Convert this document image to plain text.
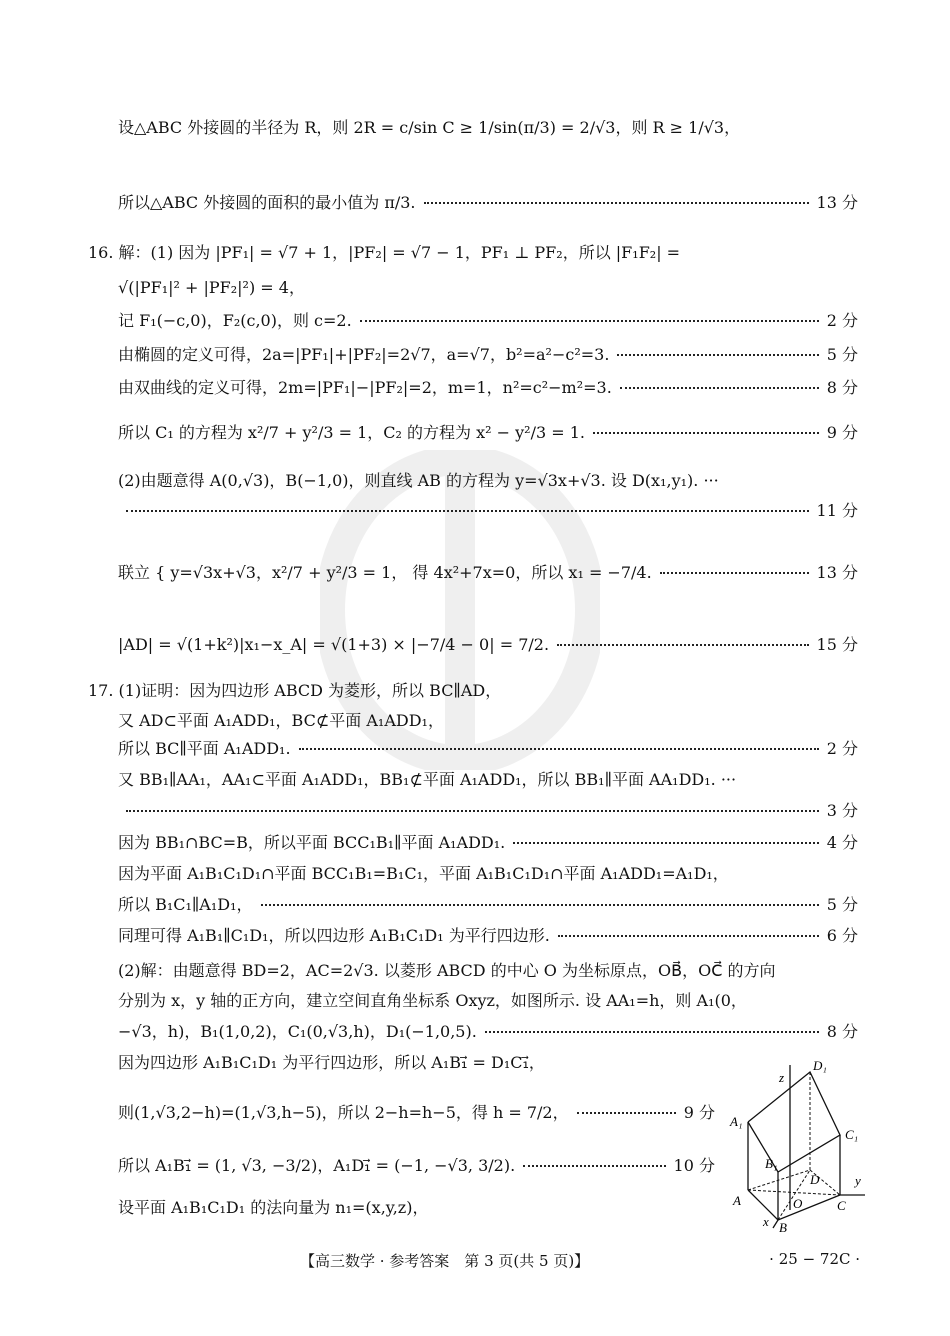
设△ABC 外接圆的半径为 R，则 2R = c/sin C ≥ 1/sin(π/3) = 2/√3，则 R ≥ 1/√3，
所以△ABC 外接圆的面积的最小值为 π/3.	13 分
16. 解：(1) 因为 |PF₁| = √7 + 1，|PF₂| = √7 − 1，PF₁ ⊥ PF₂，所以 |F₁F₂| =
√(|PF₁|² + |PF₂|²) = 4，
记 F₁(−c,0)，F₂(c,0)，则 c=2.	2 分
由椭圆的定义可得，2a=|PF₁|+|PF₂|=2√7，a=√7，b²=a²−c²=3.	5 分
由双曲线的定义可得，2m=|PF₁|−|PF₂|=2，m=1，n²=c²−m²=3.	8 分
所以 C₁ 的方程为 x²/7 + y²/3 = 1，C₂ 的方程为 x² − y²/3 = 1.	9 分
(2)由题意得 A(0,√3)，B(−1,0)，则直线 AB 的方程为 y=√3x+√3. 设 D(x₁,y₁). ···
11 分
联立 { y=√3x+√3，x²/7 + y²/3 = 1， 得 4x²+7x=0，所以 x₁ = −7/4.	13 分
|AD| = √(1+k²)|x₁−x_A| = √(1+3) × |−7/4 − 0| = 7/2.	15 分
17. (1)证明：因为四边形 ABCD 为菱形，所以 BC∥AD，
又 AD⊂平面 A₁ADD₁，BC⊄平面 A₁ADD₁，
所以 BC∥平面 A₁ADD₁.	2 分
又 BB₁∥AA₁，AA₁⊂平面 A₁ADD₁，BB₁⊄平面 A₁ADD₁，所以 BB₁∥平面 AA₁DD₁. ···
3 分
因为 BB₁∩BC=B，所以平面 BCC₁B₁∥平面 A₁ADD₁.	4 分
因为平面 A₁B₁C₁D₁∩平面 BCC₁B₁=B₁C₁，平面 A₁B₁C₁D₁∩平面 A₁ADD₁=A₁D₁，
所以 B₁C₁∥A₁D₁，	5 分
同理可得 A₁B₁∥C₁D₁，所以四边形 A₁B₁C₁D₁ 为平行四边形.	6 分
(2)解：由题意得 BD=2，AC=2√3. 以菱形 ABCD 的中心 O 为坐标原点，OB⃗，OC⃗ 的方向
分别为 x，y 轴的正方向，建立空间直角坐标系 Oxyz，如图所示. 设 AA₁=h，则 A₁(0，
−√3，h)，B₁(1,0,2)，C₁(0,√3,h)，D₁(−1,0,5).	8 分
因为四边形 A₁B₁C₁D₁ 为平行四边形，所以 A₁B₁⃗ = D₁C₁⃗，
则(1,√3,2−h)=(1,√3,h−5)，所以 2−h=h−5，得 h = 7/2，	9 分
所以 A₁B₁⃗ = (1, √3, −3/2)，A₁D₁⃗ = (−1, −√3, 3/2).	10 分
设平面 A₁B₁C₁D₁ 的法向量为 n₁=(x,y,z)，
D₁
z
A₁
C₁
B₁
D	y
A	O	C
x B
【高三数学 · 参考答案　第 3 页(共 5 页)】	· 25 − 72C ·
